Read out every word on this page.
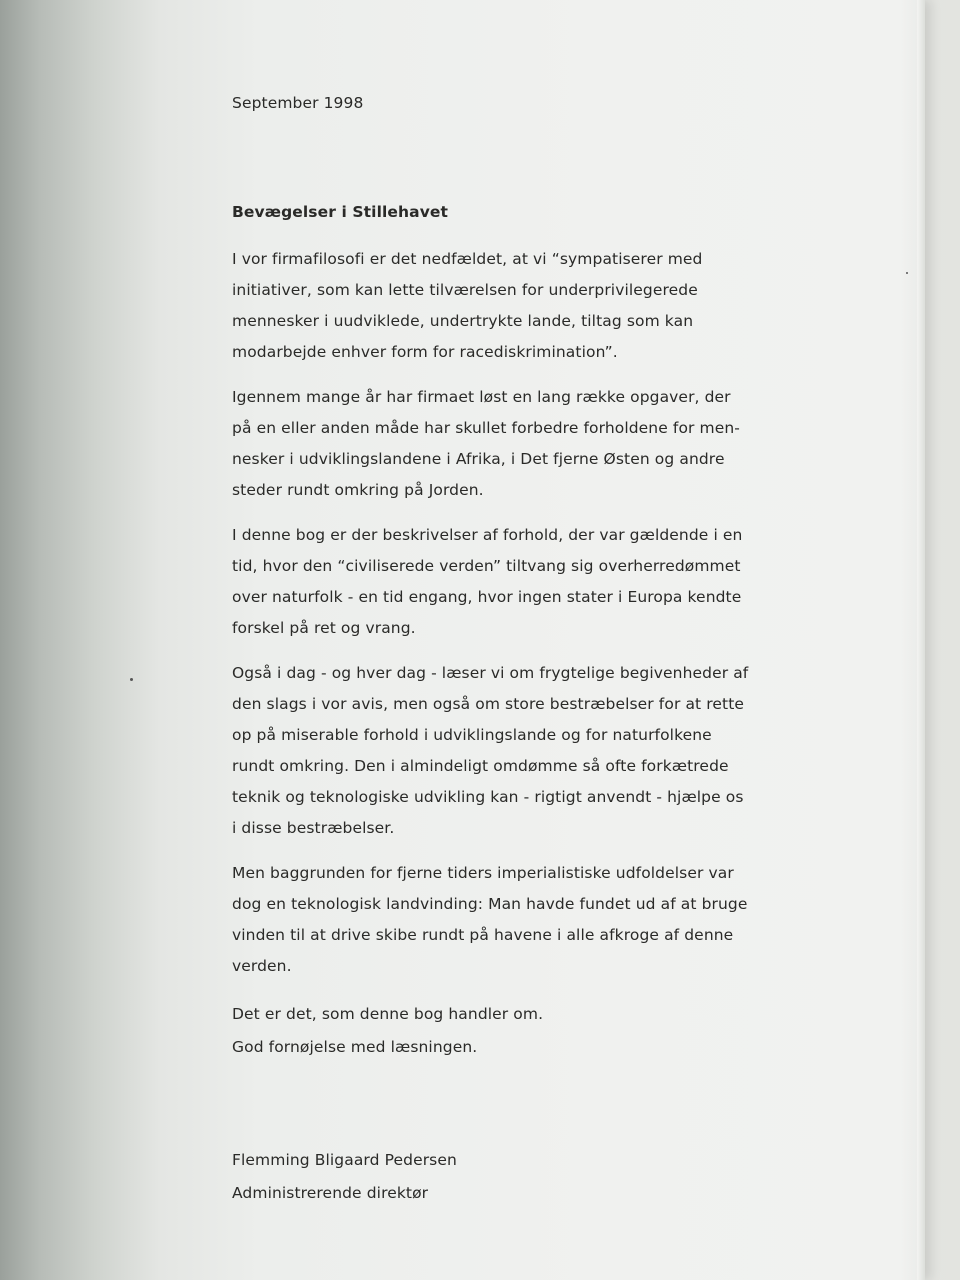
September 1998

Bevægelser i Stillehavet

I vor firmafilosofi er det nedfældet, at vi “sympatiserer med
initiativer, som kan lette tilværelsen for underprivilegerede
mennesker i uudviklede, undertrykte lande, tiltag som kan
modarbejde enhver form for racediskrimination”.

Igennem mange år har firmaet løst en lang række opgaver, der
på en eller anden måde har skullet forbedre forholdene for men-
nesker i udviklingslandene i Afrika, i Det fjerne Østen og andre
steder rundt omkring på Jorden.

I denne bog er der beskrivelser af forhold, der var gældende i en
tid, hvor den “civiliserede verden” tiltvang sig overherredømmet
over naturfolk - en tid engang, hvor ingen stater i Europa kendte
forskel på ret og vrang.

Også i dag - og hver dag - læser vi om frygtelige begivenheder af
den slags i vor avis, men også om store bestræbelser for at rette
op på miserable forhold i udviklingslande og for naturfolkene
rundt omkring. Den i almindeligt omdømme så ofte forkætrede
teknik og teknologiske udvikling kan - rigtigt anvendt - hjælpe os
i disse bestræbelser.

Men baggrunden for fjerne tiders imperialistiske udfoldelser var
dog en teknologisk landvinding: Man havde fundet ud af at bruge
vinden til at drive skibe rundt på havene i alle afkroge af denne
verden.

Det er det, som denne bog handler om.
God fornøjelse med læsningen.
Flemming Bligaard Pedersen
Administrerende direktør
